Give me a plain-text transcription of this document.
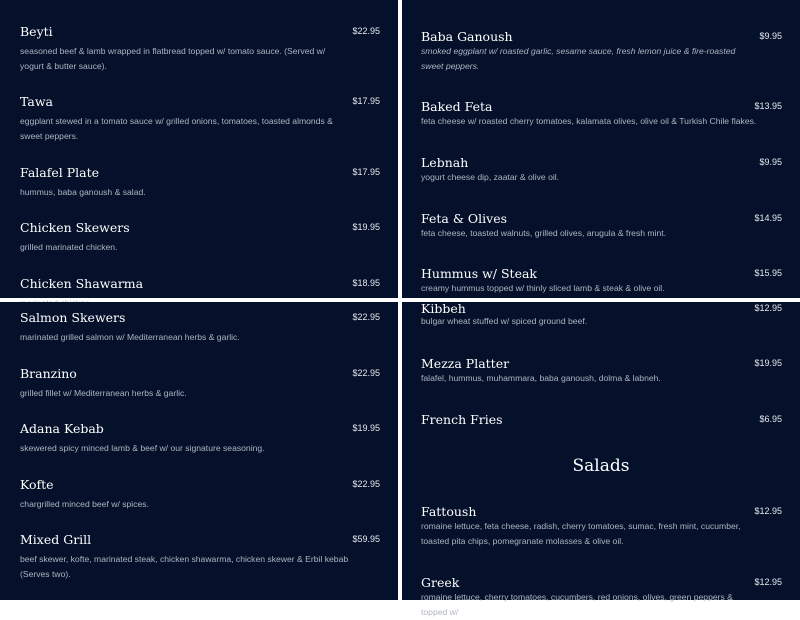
Beyti	$22.95
seasoned beef & lamb wrapped in flatbread topped w/ tomato sauce. (Served w/ yogurt & butter sauce).
Tawa	$17.95
eggplant stewed in a tomato sauce w/ grilled onions, tomatoes, toasted almonds & sweet peppers.
Falafel Plate	$17.95
hummus, baba ganoush & salad.
Chicken Skewers	$19.95
grilled marinated chicken.
Chicken Shawarma	$18.95
Baba Ganoush	$9.95
smoked eggplant w/ roasted garlic, sesame sauce, fresh lemon juice & fire-roasted sweet peppers.
Baked Feta	$13.95
feta cheese w/ roasted cherry tomatoes, kalamata olives, olive oil & Turkish Chile flakes.
Lebnah	$9.95
yogurt cheese dip, zaatar & olive oil.
Feta & Olives	$14.95
feta cheese, toasted walnuts, grilled olives, arugula & fresh mint.
Hummus w/ Steak	$15.95
creamy hummus topped w/ thinly sliced lamb & steak & olive oil.
Salmon Skewers	$22.95
marinated grilled salmon w/ Mediterranean herbs & garlic.
Branzino	$22.95
grilled fillet w/ Mediterranean herbs & garlic.
Adana Kebab	$19.95
skewered spicy minced lamb & beef w/ our signature seasoning.
Kofte	$22.95
chargrilled minced beef w/ spices.
Mixed Grill	$59.95
beef skewer, kofte, marinated steak, chicken shawarma, chicken skewer & Erbil kebab (Serves two).
Kibbeh	$12.95
bulgar wheat stuffed w/ spiced ground beef.
Mezza Platter	$19.95
falafel, hummus, muhammara, baba ganoush, dolma & labneh.
French Fries	$6.95
Salads
Fattoush	$12.95
romaine lettuce, feta cheese, radish, cherry tomatoes, sumac, fresh mint, cucumber, toasted pita chips, pomegranate molasses & olive oil.
Greek	$12.95
romaine lettuce, cherry tomatoes, cucumbers, red onions, olives, green peppers & topped w/
